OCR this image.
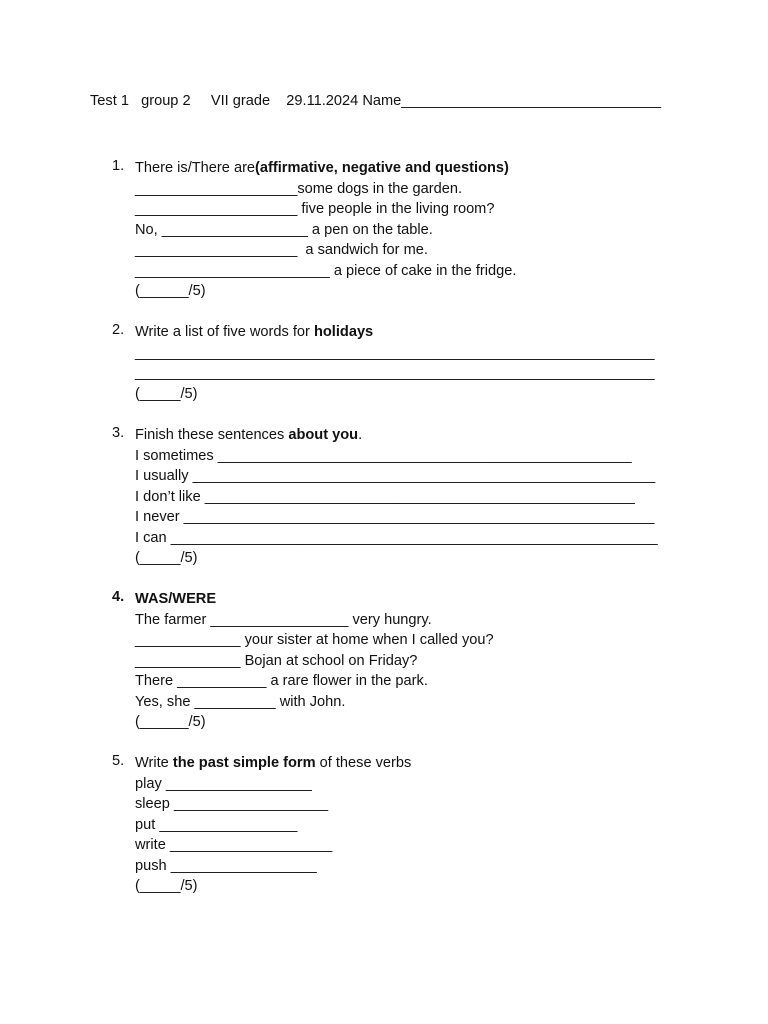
Test 1   group 2     VII grade    29.11.2024 Name________________________________
1. There is/There are(affirmative, negative and questions)
____________________some dogs in the garden.
____________________ five people in the living room?
No, __________________ a pen on the table.
____________________  a sandwich for me.
________________________ a piece of cake in the fridge.
(______/5)
2. Write a list of five words for holidays
________________________________________________________________
________________________________________________________________
(_____/5)
3. Finish these sentences about you.
I sometimes ___________________________________________________
I usually _________________________________________________________
I don’t like _____________________________________________________
I never __________________________________________________________
I can ____________________________________________________________
(_____/5)
4. WAS/WERE
The farmer _________________ very hungry.
_____________ your sister at home when I called you?
_____________ Bojan at school on Friday?
There ___________ a rare flower in the park.
Yes, she __________ with John.
(______/5)
5. Write the past simple form of these verbs
play __________________
sleep ___________________
put _________________
write ____________________
push __________________
(_____/5)
